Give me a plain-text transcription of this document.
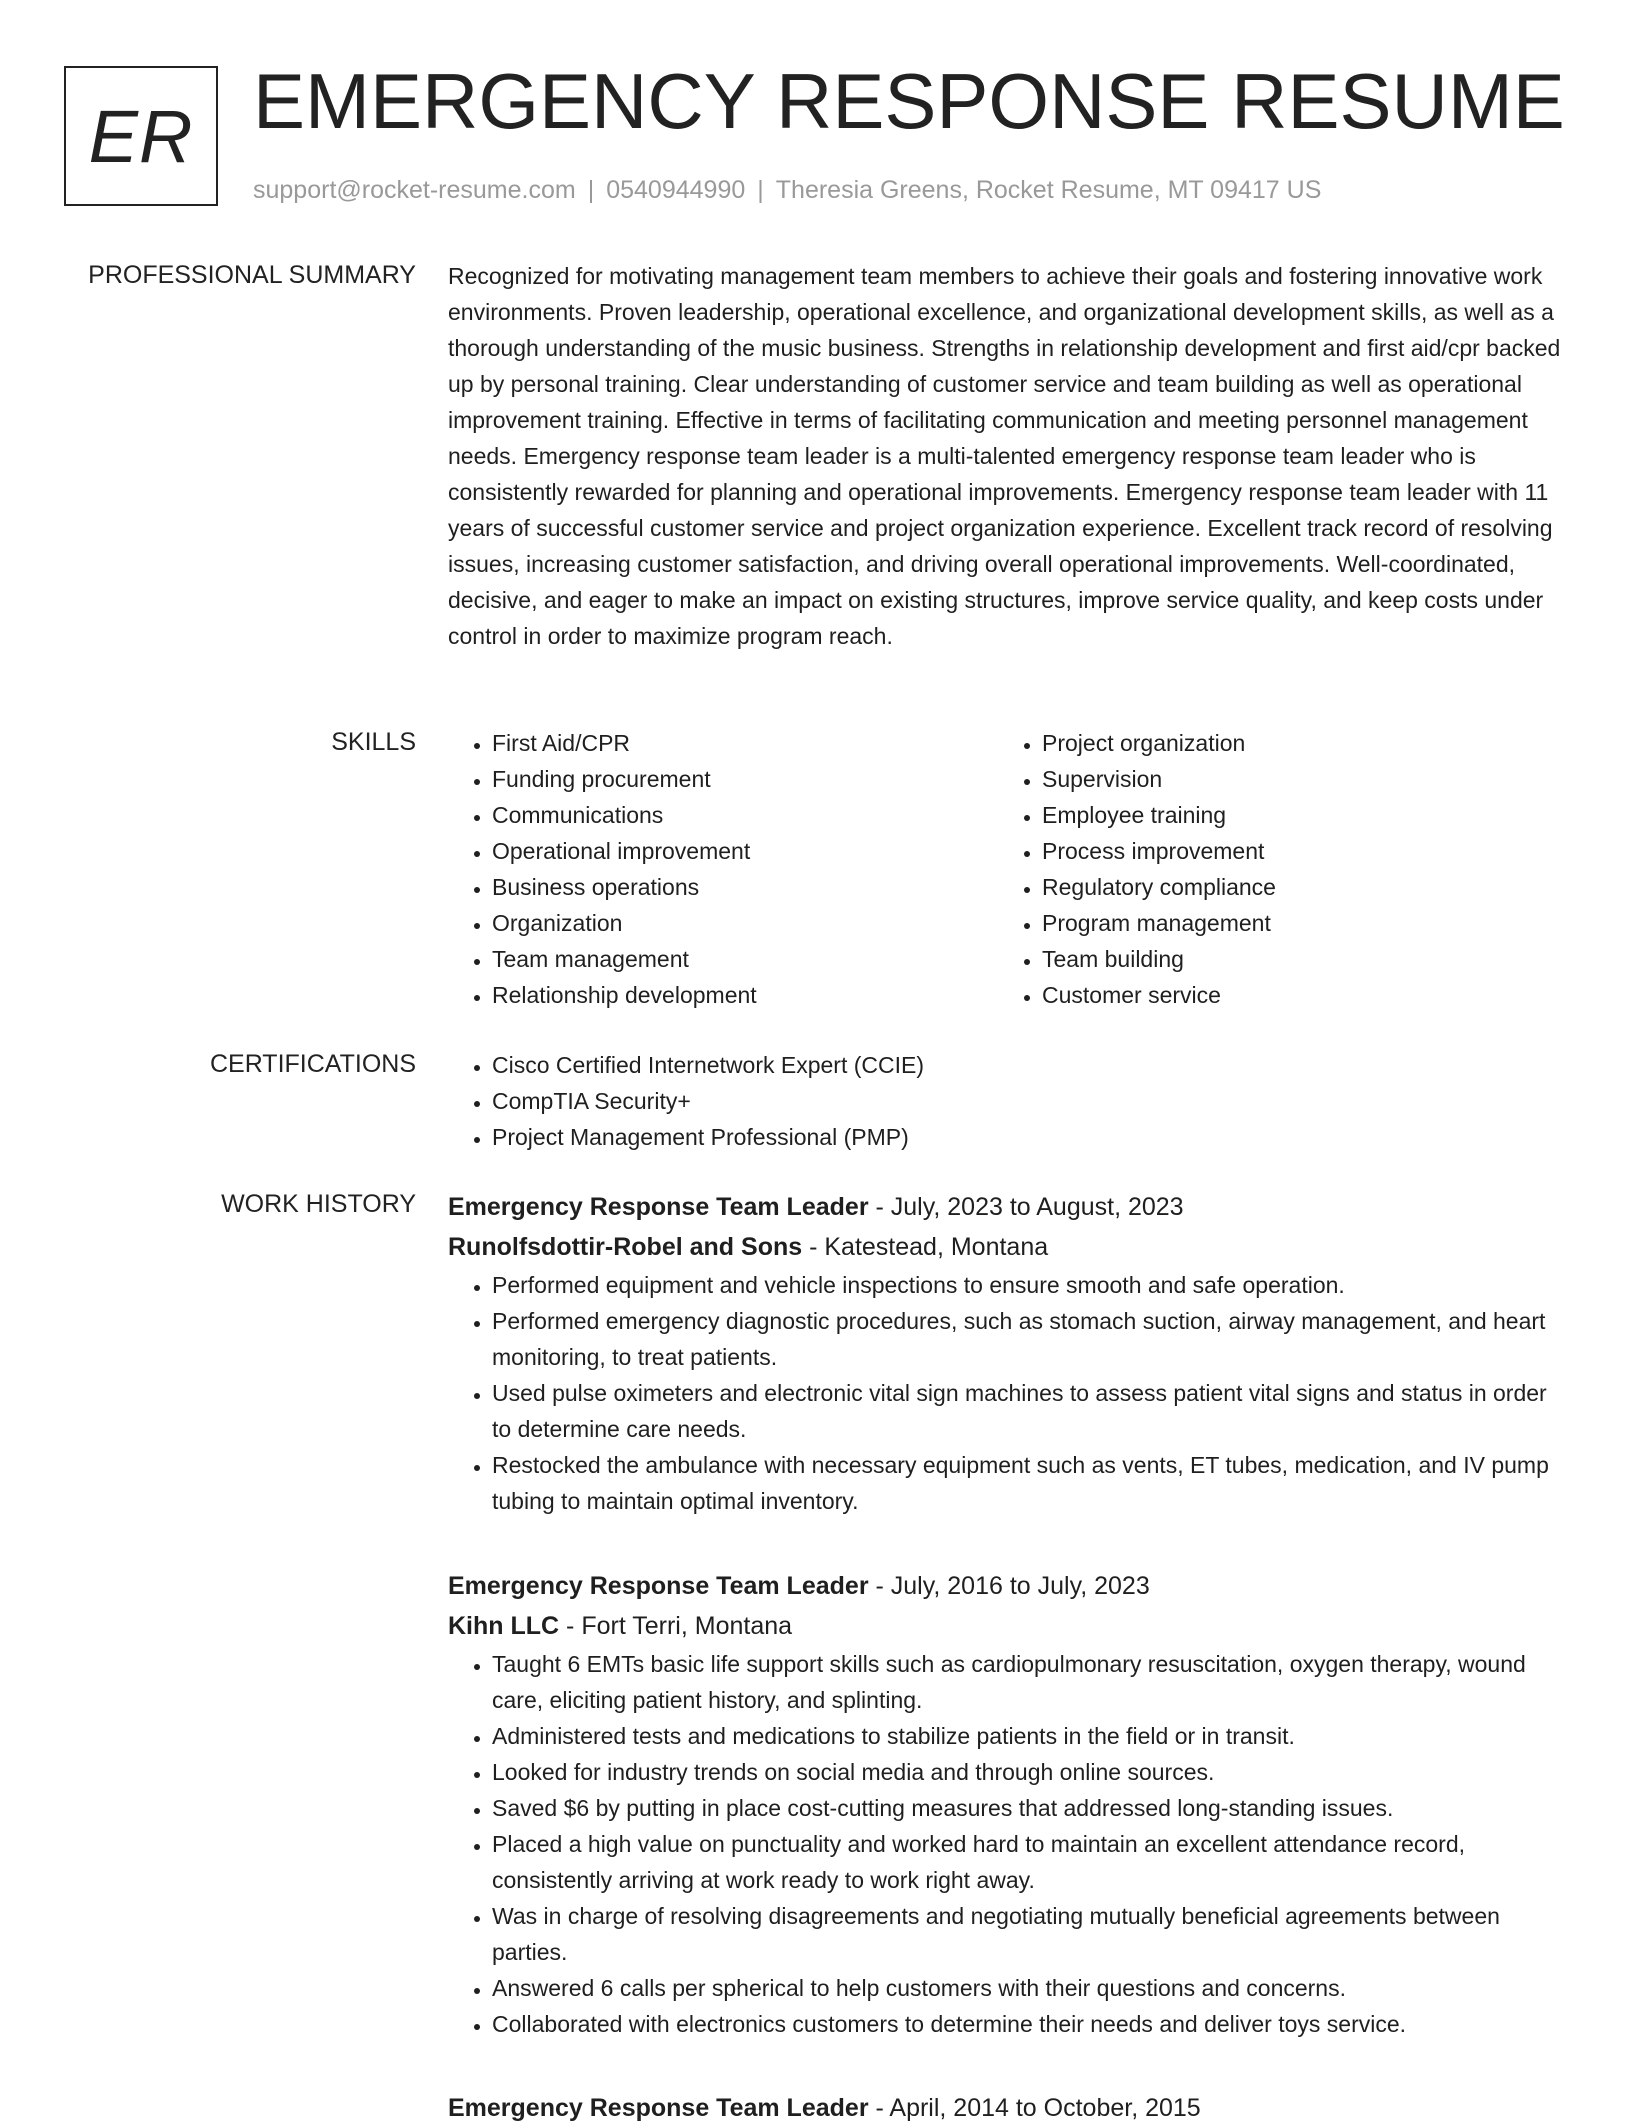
ER EMERGENCY RESPONSE RESUME
support@rocket-resume.com | 0540944990 | Theresia Greens, Rocket Resume, MT 09417 US
PROFESSIONAL SUMMARY Recognized for motivating management team members to achieve their goals and fostering innovative work environments. Proven leadership, operational excellence, and organizational development skills, as well as a thorough understanding of the music business. Strengths in relationship development and first aid/cpr backed up by personal training. Clear understanding of customer service and team building as well as operational improvement training. Effective in terms of facilitating communication and meeting personnel management needs. Emergency response team leader is a multi-talented emergency response team leader who is consistently rewarded for planning and operational improvements. Emergency response team leader with 11 years of successful customer service and project organization experience. Excellent track record of resolving issues, increasing customer satisfaction, and driving overall operational improvements. Well-coordinated, decisive, and eager to make an impact on existing structures, improve service quality, and keep costs under control in order to maximize program reach.

SKILLS	• First Aid/CPR
• Funding procurement
• Communications
• Operational improvement
• Business operations
• Organization
• Team management
• Relationship development
• Project organization
• Supervision
• Employee training
• Process improvement
• Regulatory compliance
• Program management
• Team building
• Customer service
CERTIFICATIONS	• Cisco Certified Internetwork Expert (CCIE)
• CompTIA Security+
• Project Management Professional (PMP)
WORK HISTORY Emergency Response Team Leader - July, 2023 to August, 2023
Runolfsdottir-Robel and Sons - Katestead, Montana
• Performed equipment and vehicle inspections to ensure smooth and safe operation.
• Performed emergency diagnostic procedures, such as stomach suction, airway management, and heart monitoring, to treat patients.
• Used pulse oximeters and electronic vital sign machines to assess patient vital signs and status in order to determine care needs.
• Restocked the ambulance with necessary equipment such as vents, ET tubes, medication, and IV pump tubing to maintain optimal inventory.
Emergency Response Team Leader - July, 2016 to July, 2023
Kihn LLC - Fort Terri, Montana
• Taught 6 EMTs basic life support skills such as cardiopulmonary resuscitation, oxygen therapy, wound care, eliciting patient history, and splinting.
• Administered tests and medications to stabilize patients in the field or in transit.
• Looked for industry trends on social media and through online sources.
• Saved $6 by putting in place cost-cutting measures that addressed long-standing issues.
• Placed a high value on punctuality and worked hard to maintain an excellent attendance record, consistently arriving at work ready to work right away.
• Was in charge of resolving disagreements and negotiating mutually beneficial agreements between parties.
• Answered 6 calls per spherical to help customers with their questions and concerns.
• Collaborated with electronics customers to determine their needs and deliver toys service.
Emergency Response Team Leader - April, 2014 to October, 2015
